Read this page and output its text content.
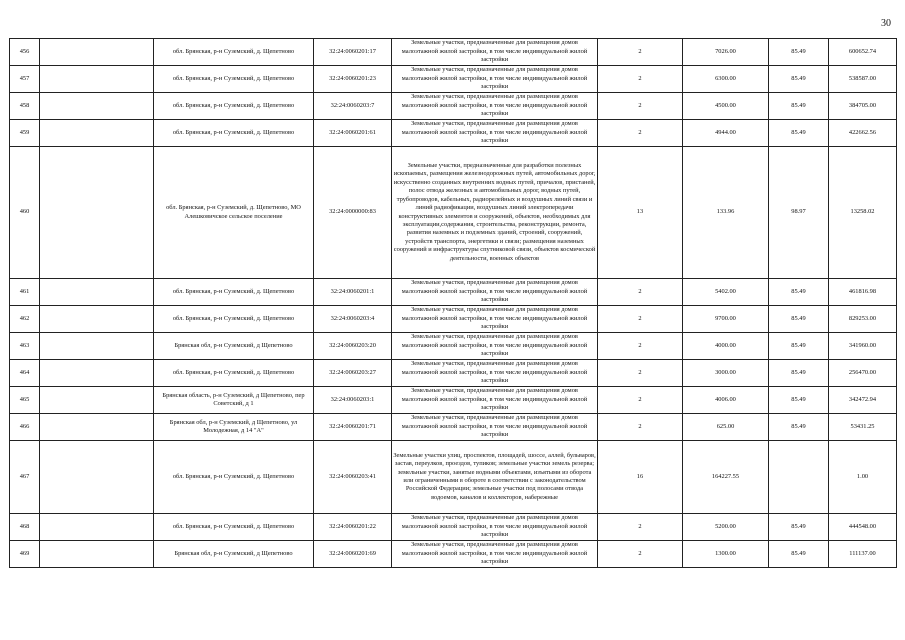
30
456		обл. Брянская, р-н Суземский, д. Щепетново	32:24:0060201:17	Земельные участки, предназначенные для размещения домов малоэтажной жилой застройки, в том числе индивидуальной жилой застройки	2	7026.00	85.49	600652.74
457		обл. Брянская, р-н Суземский, д. Щепетново	32:24:0060201:23	Земельные участки, предназначенные для размещения домов малоэтажной жилой застройки, в том числе индивидуальной жилой застройки	2	6300.00	85.49	538587.00
458		обл. Брянская, р-н Суземский, д. Щепетново	32:24:0060203:7	Земельные участки, предназначенные для размещения домов малоэтажной жилой застройки, в том числе индивидуальной жилой застройки	2	4500.00	85.49	384705.00
459		обл. Брянская, р-н Суземский, д. Щепетново	32:24:0060201:61	Земельные участки, предназначенные для размещения домов малоэтажной жилой застройки, в том числе индивидуальной жилой застройки	2	4944.00	85.49	422662.56
460		обл. Брянская, р-н Суземский, д. Щепетново, МО Алешковичское сельское поселение	32:24:0000000:83	Земельные участки, предназначенные для разработки полезных ископаемых, размещения железнодорожных путей, автомобильных дорог, искусственно созданных внутренних водных путей, причалов, пристаней, полос отвода железных и автомобильных дорог, водных путей, трубопроводов, кабельных, радиорелейных и воздушных линий связи и линий радиофикации, воздушных линий электропередачи конструктивных элементов и сооружений, объектов, необходимых для эксплуатации,содержания, строительства, реконструкции, ремонта, развития наземных и подземных зданий, строений, сооружений, устройств транспорта, энергетики и связи; размещения наземных сооружений и инфраструктуры спутниковой связи, объектов космической деятельности, военных объектов	13	133.96	98.97	13258.02
461		обл. Брянская, р-н Суземский, д. Щепетново	32:24:0060201:1	Земельные участки, предназначенные для размещения домов малоэтажной жилой застройки, в том числе индивидуальной жилой застройки	2	5402.00	85.49	461816.98
462		обл. Брянская, р-н Суземский, д. Щепетново	32:24:0060203:4	Земельные участки, предназначенные для размещения домов малоэтажной жилой застройки, в том числе индивидуальной жилой застройки	2	9700.00	85.49	829253.00
463		Брянская обл, р-н Суземский, д Щепетново	32:24:0060203:20	Земельные участки, предназначенные для размещения домов малоэтажной жилой застройки, в том числе индивидуальной жилой застройки	2	4000.00	85.49	341960.00
464		обл. Брянская, р-н Суземский, д. Щепетново	32:24:0060203:27	Земельные участки, предназначенные для размещения домов малоэтажной жилой застройки, в том числе индивидуальной жилой застройки	2	3000.00	85.49	256470.00
465		Брянская область, р-н Суземский, д Щепетново, пер Советский, д 1	32:24:0060203:1	Земельные участки, предназначенные для размещения домов малоэтажной жилой застройки, в том числе индивидуальной жилой застройки	2	4006.00	85.49	342472.94
466		Брянская обл, р-н Суземский, д Щепетново, ул Молодежная, д 14 "А"	32:24:0060201:71	Земельные участки, предназначенные для размещения домов малоэтажной жилой застройки, в том числе индивидуальной жилой застройки	2	625.00	85.49	53431.25
467		обл. Брянская, р-н Суземский, д. Щепетново	32:24:0060203:41	Земельные участки улиц, проспектов, площадей, шоссе, аллей, бульваров, застав, переулков, проездов, тупиков; земельные участки земель резерва; земельные участки, занятые водными объектами, изъятыми из оборота или ограниченными в обороте в соответствии с законодательством Российской Федерации; земельные участки под полосами отвода водоемов, каналов и коллекторов, набережные	16	164227.55		1.00
468		обл. Брянская, р-н Суземский, д. Щепетново	32:24:0060201:22	Земельные участки, предназначенные для размещения домов малоэтажной жилой застройки, в том числе индивидуальной жилой застройки	2	5200.00	85.49	444548.00
469		Брянская обл, р-н Суземский, д Щепетново	32:24:0060201:69	Земельные участки, предназначенные для размещения домов малоэтажной жилой застройки, в том числе индивидуальной жилой застройки	2	1300.00	85.49	111137.00
